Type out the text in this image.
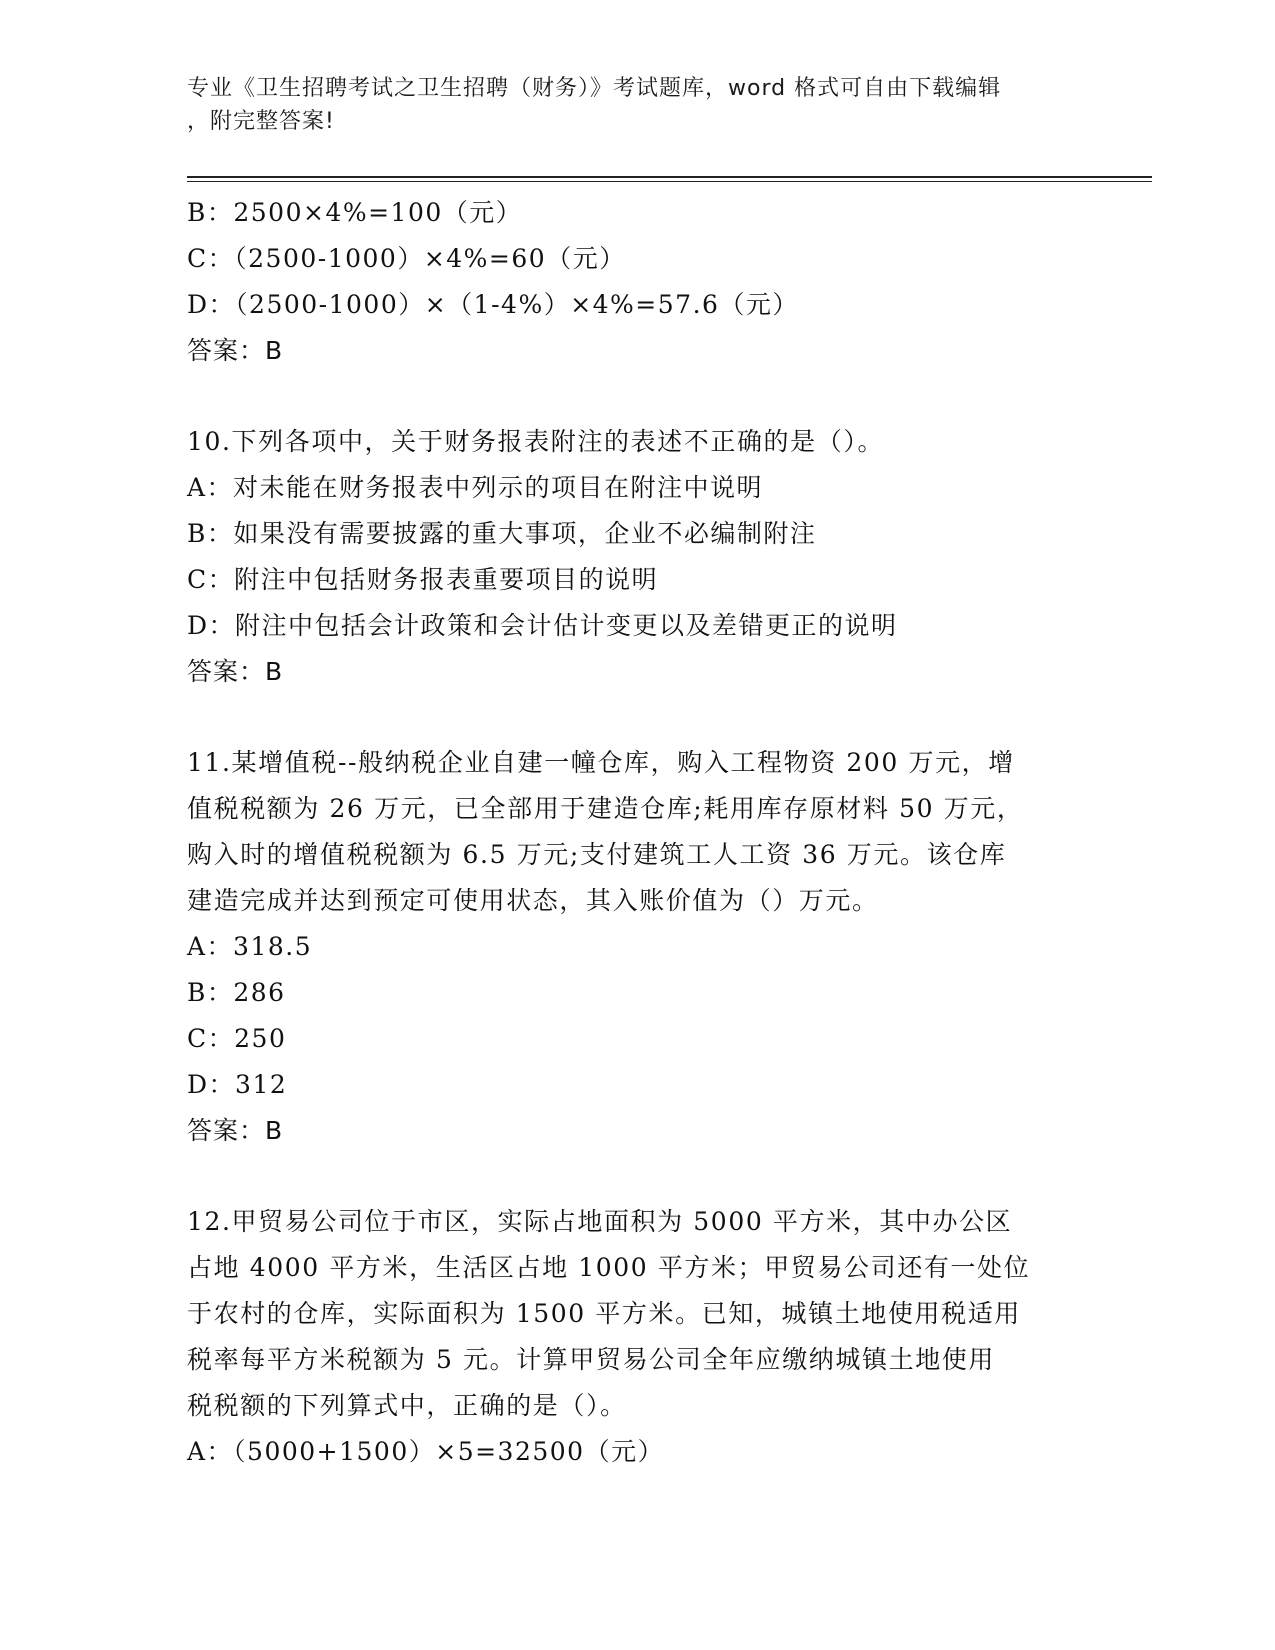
专业《卫生招聘考试之卫生招聘（财务）》考试题库，word 格式可自由下载编辑
，附完整答案!
B：2500×4%=100（元）
C：（2500-1000）×4%=60（元）
D：（2500-1000）×（1-4%）×4%=57.6（元）
答案：B
10.下列各项中，关于财务报表附注的表述不正确的是（）。
A：对未能在财务报表中列示的项目在附注中说明
B：如果没有需要披露的重大事项，企业不必编制附注
C：附注中包括财务报表重要项目的说明
D：附注中包括会计政策和会计估计变更以及差错更正的说明
答案：B
11.某增值税--般纳税企业自建一幢仓库，购入工程物资 200 万元，增
值税税额为 26 万元，已全部用于建造仓库;耗用库存原材料 50 万元，
购入时的增值税税额为 6.5 万元;支付建筑工人工资 36 万元。该仓库
建造完成并达到预定可使用状态，其入账价值为（）万元。
A：318.5
B：286
C：250
D：312
答案：B
12.甲贸易公司位于市区，实际占地面积为 5000 平方米，其中办公区
占地 4000 平方米，生活区占地 1000 平方米；甲贸易公司还有一处位
于农村的仓库，实际面积为 1500 平方米。已知，城镇土地使用税适用
税率每平方米税额为 5 元。计算甲贸易公司全年应缴纳城镇土地使用
税税额的下列算式中，正确的是（）。
A：（5000+1500）×5=32500（元）
